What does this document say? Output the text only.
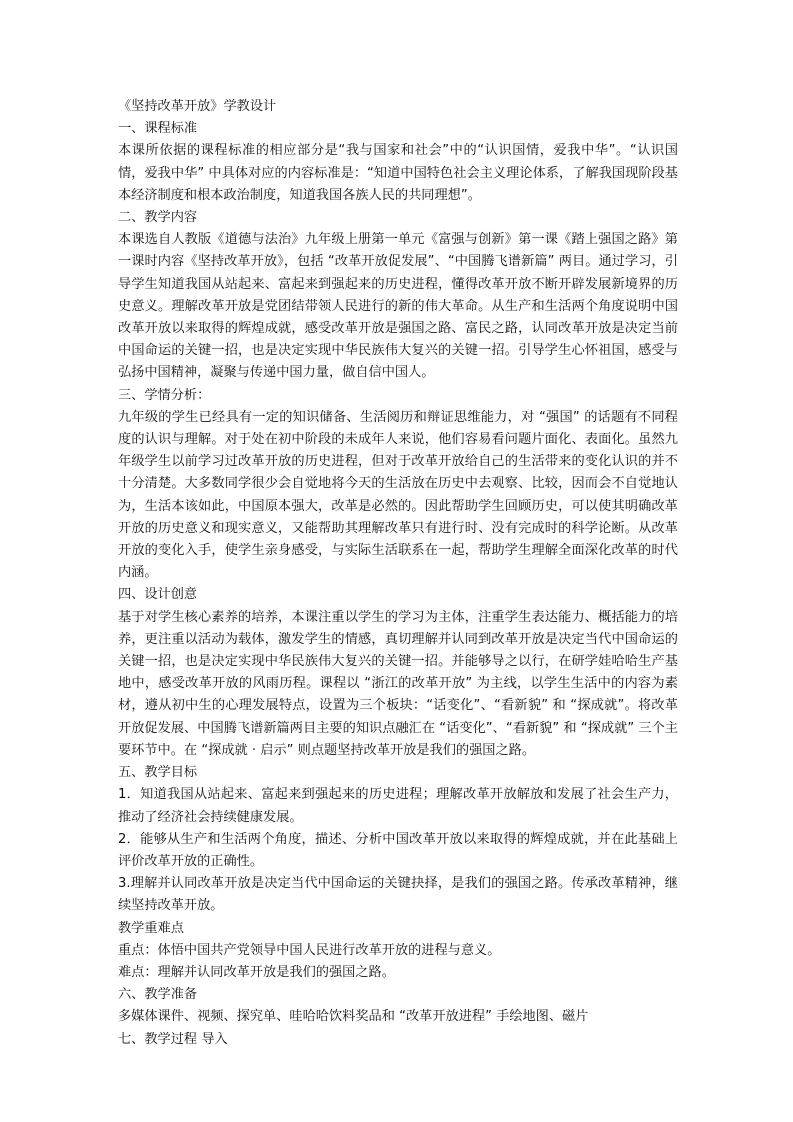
《坚持改革开放》学教设计

一、课程标准

本课所依据的课程标准的相应部分是“我与国家和社会”中的“认识国情，爱我中华”。“认识国情，爱我中华” 中具体对应的内容标准是：“知道中国特色社会主义理论体系，了解我国现阶段基本经济制度和根本政治制度，知道我国各族人民的共同理想”。

二、教学内容

本课选自人教版《道德与法治》九年级上册第一单元《富强与创新》第一课《踏上强国之路》第一课时内容《坚持改革开放》，包括 “改革开放促发展”、“中国腾飞谱新篇” 两目。通过学习，引导学生知道我国从站起来、富起来到强起来的历史进程，懂得改革开放不断开辟发展新境界的历史意义。理解改革开放是党团结带领人民进行的新的伟大革命。从生产和生活两个角度说明中国改革开放以来取得的辉煌成就，感受改革开放是强国之路、富民之路，认同改革开放是决定当前中国命运的关键一招，也是决定实现中华民族伟大复兴的关键一招。引导学生心怀祖国，感受与弘扬中国精神，凝聚与传递中国力量，做自信中国人。

三、学情分析：

九年级的学生已经具有一定的知识储备、生活阅历和辩证思维能力，对 “强国” 的话题有不同程度的认识与理解。对于处在初中阶段的未成年人来说，他们容易看问题片面化、表面化。虽然九年级学生以前学习过改革开放的历史进程，但对于改革开放给自己的生活带来的变化认识的并不十分清楚。大多数同学很少会自觉地将今天的生活放在历史中去观察、比较，因而会不自觉地认为，生活本该如此，中国原本强大，改革是必然的。因此帮助学生回顾历史，可以使其明确改革开放的历史意义和现实意义，又能帮助其理解改革只有进行时、没有完成时的科学论断。从改革开放的变化入手，使学生亲身感受，与实际生活联系在一起，帮助学生理解全面深化改革的时代内涵。

四、设计创意

基于对学生核心素养的培养，本课注重以学生的学习为主体，注重学生表达能力、概括能力的培养，更注重以活动为载体，激发学生的情感，真切理解并认同到改革开放是决定当代中国命运的关键一招，也是决定实现中华民族伟大复兴的关键一招。并能够导之以行，在研学娃哈哈生产基地中，感受改革开放的风雨历程。课程以 “浙江的改革开放” 为主线，以学生生活中的内容为素材，遵从初中生的心理发展特点，设置为三个板块：“话变化”、“看新貌” 和 “探成就”。将改革开放促发展、中国腾飞谱新篇两目主要的知识点融汇在 “话变化”、“看新貌” 和 “探成就” 三个主要环节中。在 “探成就 · 启示” 则点题坚持改革开放是我们的强国之路。

五、教学目标

1．知道我国从站起来、富起来到强起来的历史进程；理解改革开放解放和发展了社会生产力，推动了经济社会持续健康发展。

2．能够从生产和生活两个角度，描述、分析中国改革开放以来取得的辉煌成就，并在此基础上评价改革开放的正确性。

3.理解并认同改革开放是决定当代中国命运的关键抉择，是我们的强国之路。传承改革精神，继续坚持改革开放。

教学重难点

重点：体悟中国共产党领导中国人民进行改革开放的进程与意义。

难点：理解并认同改革开放是我们的强国之路。

六、教学准备

多媒体课件、视频、探究单、哇哈哈饮料奖品和 “改革开放进程” 手绘地图、磁片

七、教学过程 导入
